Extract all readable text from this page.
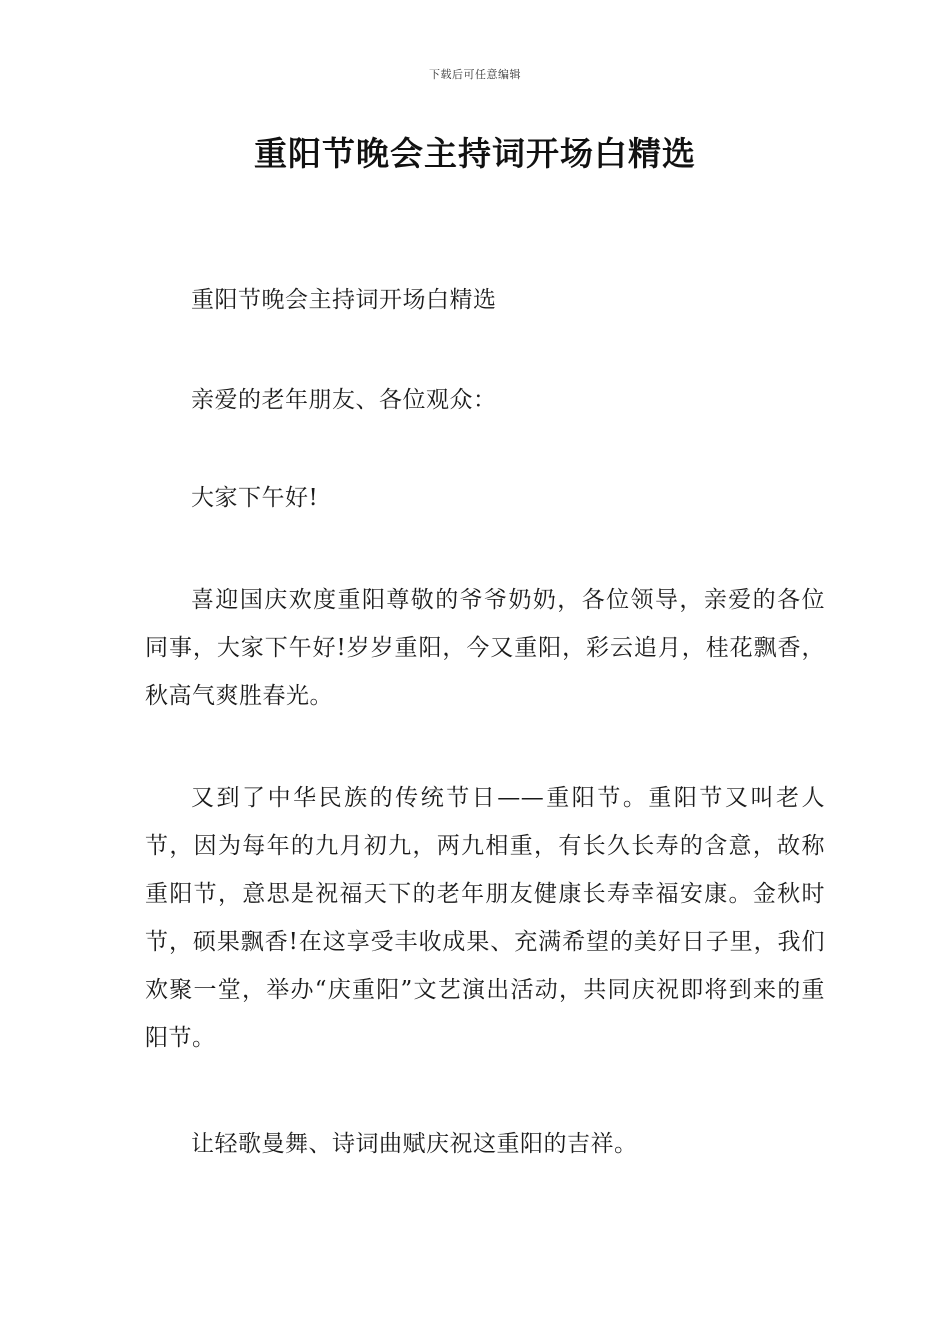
下载后可任意编辑
重阳节晚会主持词开场白精选

重阳节晚会主持词开场白精选

亲爱的老年朋友、各位观众：

大家下午好!

喜迎国庆欢度重阳尊敬的爷爷奶奶，各位领导，亲爱的各位同事，大家下午好!岁岁重阳，今又重阳，彩云追月，桂花飘香，秋高气爽胜春光。

又到了中华民族的传统节日——重阳节。重阳节又叫老人节，因为每年的九月初九，两九相重，有长久长寿的含意，故称重阳节，意思是祝福天下的老年朋友健康长寿幸福安康。金秋时节，硕果飘香!在这享受丰收成果、充满希望的美好日子里，我们欢聚一堂，举办“庆重阳”文艺演出活动，共同庆祝即将到来的重阳节。

让轻歌曼舞、诗词曲赋庆祝这重阳的吉祥。
